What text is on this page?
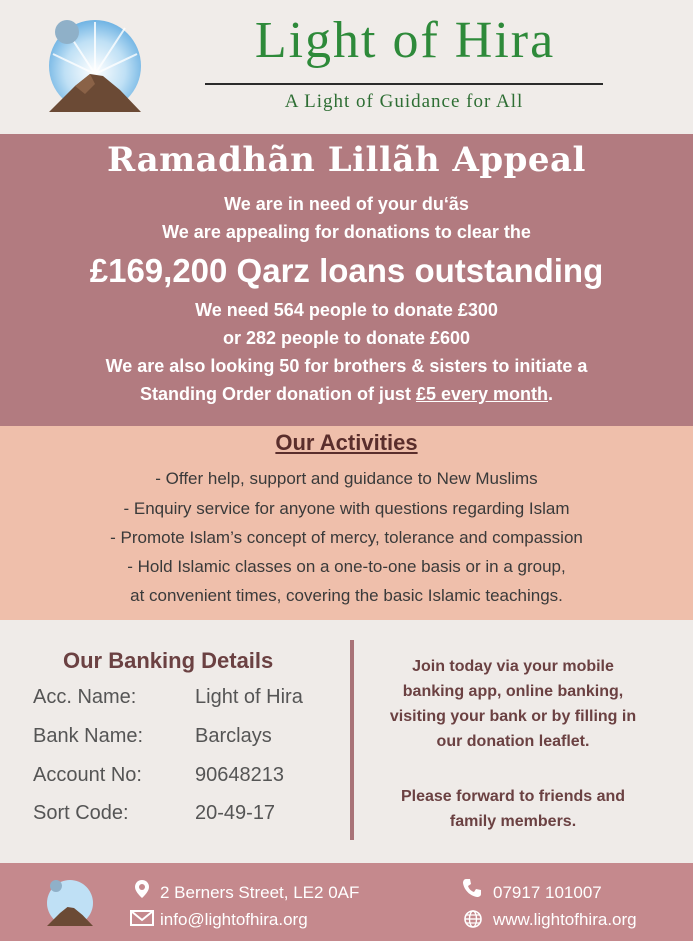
Light of Hira
A Light of Guidance for All
Ramadhãn Lillãh Appeal
We are in need of your du‘ãs
We are appealing for donations to clear the
£169,200 Qarz loans outstanding
We need 564 people to donate £300
or 282 people to donate £600
We are also looking 50 for brothers & sisters to initiate a
Standing Order donation of just £5 every month.
Our Activities
- Offer help, support and guidance to New Muslims
- Enquiry service for anyone with questions regarding Islam
- Promote Islam’s concept of mercy, tolerance and compassion
- Hold Islamic classes on a one-to-one basis or in a group,
at convenient times, covering the basic Islamic teachings.
Our Banking Details
Acc. Name:	Light of Hira
Bank Name:	Barclays
Account No:	90648213
Sort Code:	20-49-17
Join today via your mobile
banking app, online banking,
visiting your bank or by filling in
our donation leaflet.
Please forward to friends and
family members.
2 Berners Street, LE2 0AF
info@lightofhira.org
07917 101007
www.lightofhira.org
